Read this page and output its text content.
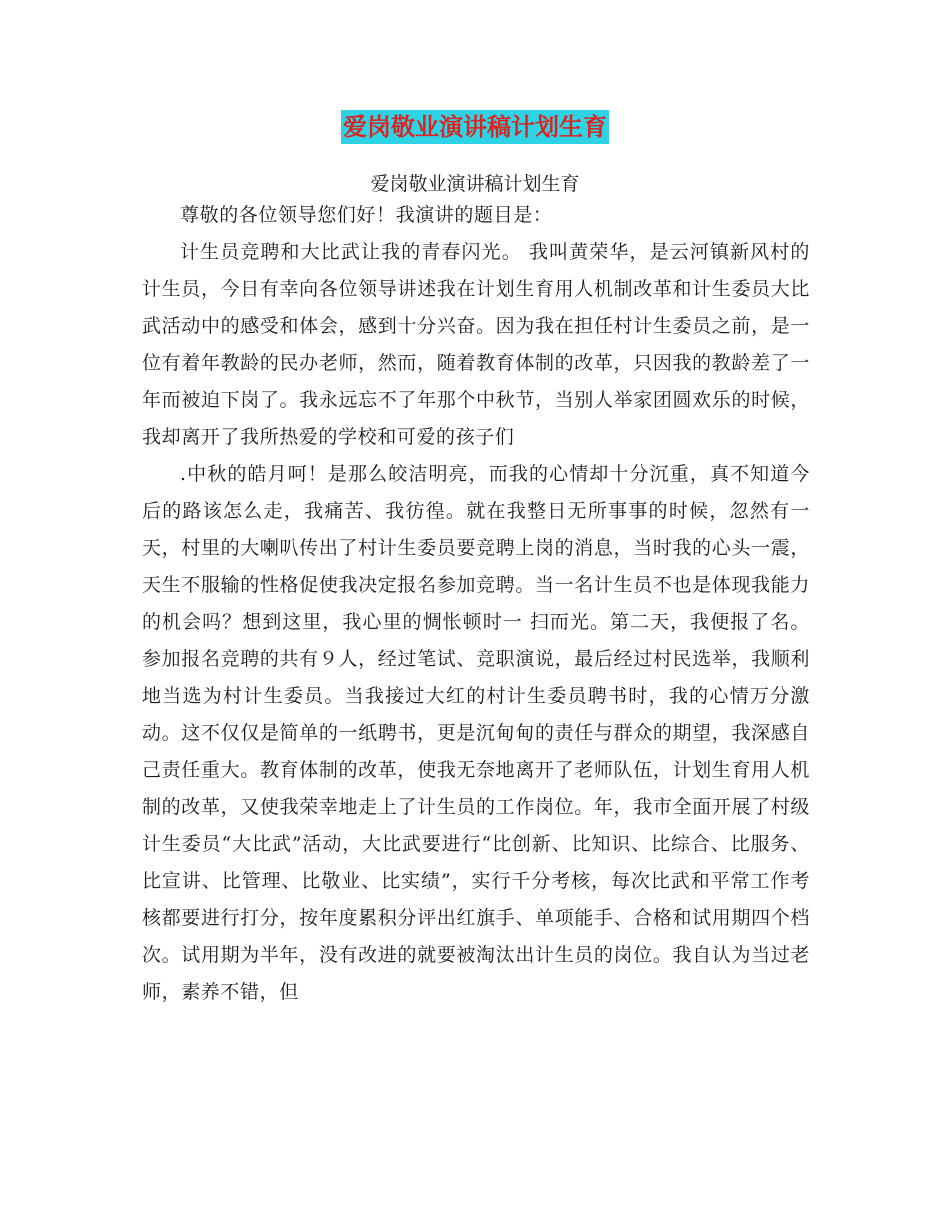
爱岗敬业演讲稿计划生育
爱岗敬业演讲稿计划生育

尊敬的各位领导您们好！我演讲的题目是：

计生员竞聘和大比武让我的青春闪光。 我叫黄荣华，是云河镇新风村的计生员，今日有幸向各位领导讲述我在计划生育用人机制改革和计生委员大比武活动中的感受和体会，感到十分兴奋。因为我在担任村计生委员之前，是一位有着年教龄的民办老师，然而，随着教育体制的改革，只因我的教龄差了一年而被迫下岗了。我永远忘不了年那个中秋节，当别人举家团圆欢乐的时候，我却离开了我所热爱的学校和可爱的孩子们

.中秋的皓月呵！是那么皎洁明亮，而我的心情却十分沉重，真不知道今后的路该怎么走，我痛苦、我彷徨。就在我整日无所事事的时候，忽然有一天，村里的大喇叭传出了村计生委员要竞聘上岗的消息，当时我的心头一震，天生不服输的性格促使我决定报名参加竞聘。当一名计生员不也是体现我能力的机会吗？想到这里，我心里的惆怅顿时一 扫而光。第二天，我便报了名。参加报名竞聘的共有９人，经过笔试、竞职演说，最后经过村民选举，我顺利地当选为村计生委员。当我接过大红的村计生委员聘书时，我的心情万分激动。这不仅仅是简单的一纸聘书，更是沉甸甸的责任与群众的期望，我深感自己责任重大。教育体制的改革，使我无奈地离开了老师队伍，计划生育用人机制的改革，又使我荣幸地走上了计生员的工作岗位。年，我市全面开展了村级计生委员“大比武”活动，大比武要进行“比创新、比知识、比综合、比服务、比宣讲、比管理、比敬业、比实绩”，实行千分考核，每次比武和平常工作考核都要进行打分，按年度累积分评出红旗手、单项能手、合格和试用期四个档次。试用期为半年，没有改进的就要被淘汰出计生员的岗位。我自认为当过老师，素养不错，但
